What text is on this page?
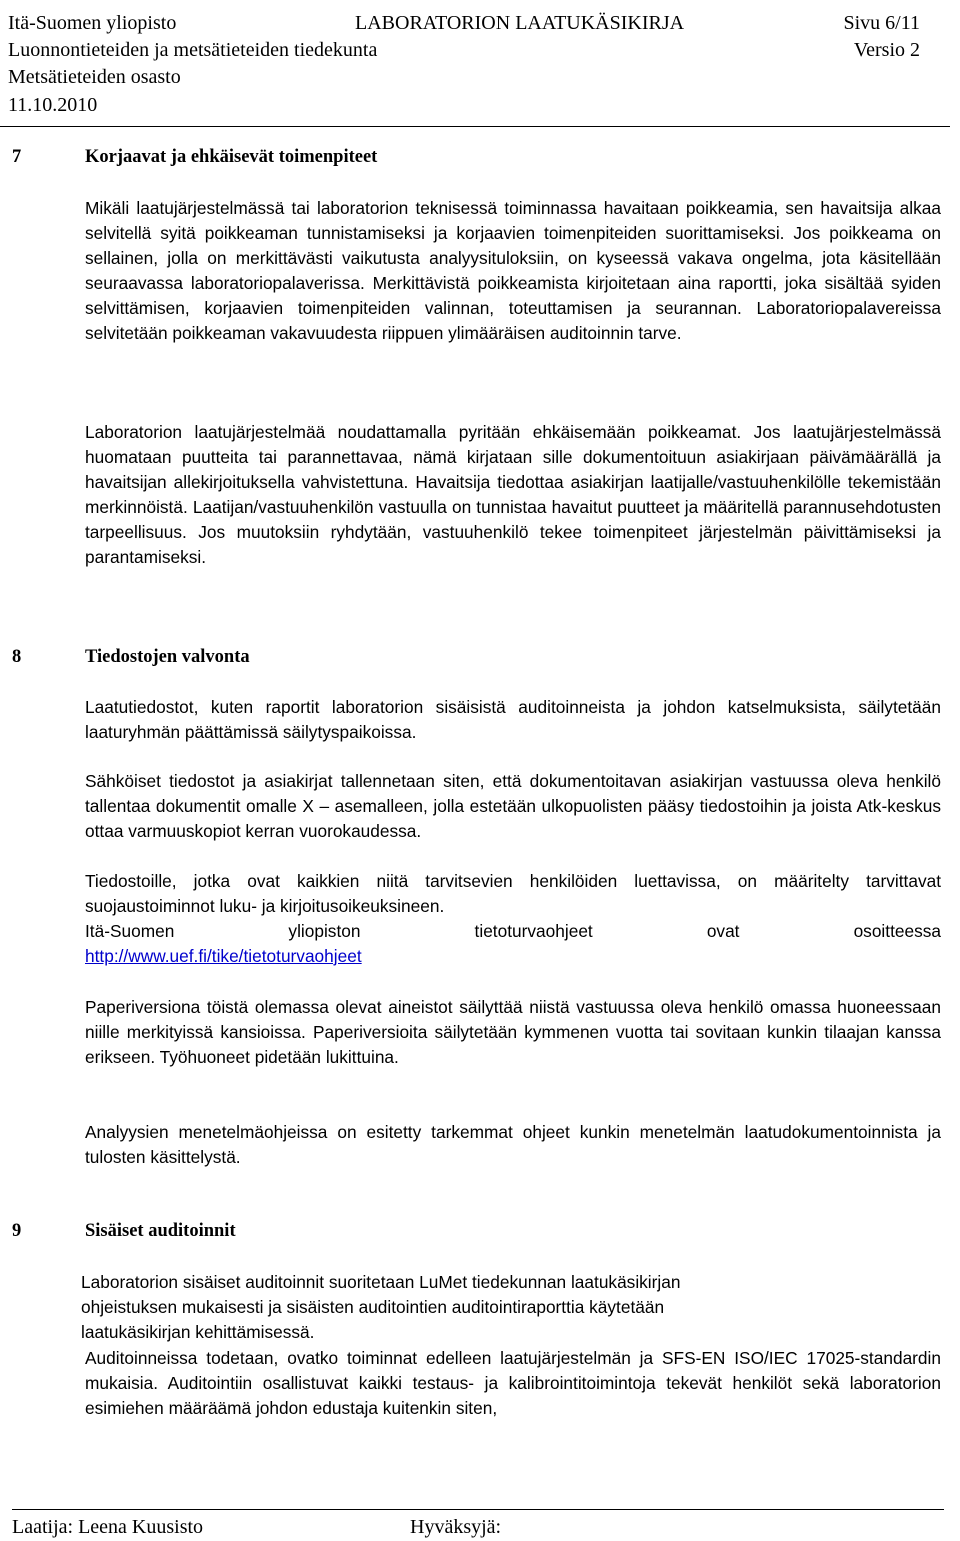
Itä-Suomen yliopisto	LABORATORION LAATUKÄSIKIRJA	Sivu 6/11
Luonnontieteiden ja metsätieteiden tiedekunta	Versio 2
Metsätieteiden osasto
11.10.2010
7	Korjaavat ja ehkäisevät toimenpiteet
Mikäli laatujärjestelmässä tai laboratorion teknisessä toiminnassa havaitaan poikkeamia, sen havaitsija alkaa selvitellä syitä poikkeaman tunnistamiseksi ja korjaavien toimenpiteiden suorittamiseksi. Jos poikkeama on sellainen, jolla on merkittävästi vaikutusta analyysituloksiin, on kyseessä vakava ongelma, jota käsitellään seuraavassa laboratoriopalaverissa. Merkittävistä poikkeamista kirjoitetaan aina raportti, joka sisältää syiden selvittämisen, korjaavien toimenpiteiden valinnan, toteuttamisen ja seurannan. Laboratoriopalavereissa selvitetään poikkeaman vakavuudesta riippuen ylimääräisen auditoinnin tarve.
Laboratorion laatujärjestelmää noudattamalla pyritään ehkäisemään poikkeamat. Jos laatujärjestelmässä huomataan puutteita tai parannettavaa, nämä kirjataan sille dokumentoituun asiakirjaan päivämäärällä ja havaitsijan allekirjoituksella vahvistettuna. Havaitsija tiedottaa asiakirjan laatijalle/vastuuhenkilölle tekemistään merkinnöistä. Laatijan/vastuuhenkilön vastuulla on tunnistaa havaitut puutteet ja määritellä parannusehdotusten tarpeellisuus. Jos muutoksiin ryhdytään, vastuuhenkilö tekee toimenpiteet järjestelmän päivittämiseksi ja parantamiseksi.
8	Tiedostojen valvonta
Laatutiedostot, kuten raportit laboratorion sisäisistä auditoinneista ja johdon katselmuksista, säilytetään laaturyhmän päättämissä säilytyspaikoissa.
Sähköiset tiedostot ja asiakirjat tallennetaan siten, että dokumentoitavan asiakirjan vastuussa oleva henkilö tallentaa dokumentit omalle X – asemalleen, jolla estetään ulkopuolisten pääsy tiedostoihin ja joista Atk-keskus ottaa varmuuskopiot kerran vuorokaudessa.
Tiedostoille, jotka ovat kaikkien niitä tarvitsevien henkilöiden luettavissa, on määritelty tarvittavat suojaustoiminnot luku- ja kirjoitusoikeuksineen.
Itä-Suomen yliopiston tietoturvaohjeet ovat osoitteessa
http://www.uef.fi/tike/tietoturvaohjeet
Paperiversiona töistä olemassa olevat aineistot säilyttää niistä vastuussa oleva henkilö omassa huoneessaan niille merkityissä kansioissa. Paperiversioita säilytetään kymmenen vuotta tai sovitaan kunkin tilaajan kanssa erikseen. Työhuoneet pidetään lukittuina.
Analyysien menetelmäohjeissa on esitetty tarkemmat ohjeet kunkin menetelmän laatudokumentoinnista ja tulosten käsittelystä.
9	Sisäiset auditoinnit
Laboratorion sisäiset auditoinnit suoritetaan LuMet tiedekunnan laatukäsikirjan
ohjeistuksen mukaisesti ja sisäisten auditointien auditointiraporttia käytetään
laatukäsikirjan kehittämisessä.
Auditoinneissa todetaan, ovatko toiminnat edelleen laatujärjestelmän ja SFS-EN ISO/IEC 17025-standardin mukaisia. Auditointiin osallistuvat kaikki testaus- ja kalibrointitoimintoja tekevät henkilöt sekä laboratorion esimiehen määräämä johdon edustaja kuitenkin siten,
Laatija: Leena Kuusisto	Hyväksyjä:
